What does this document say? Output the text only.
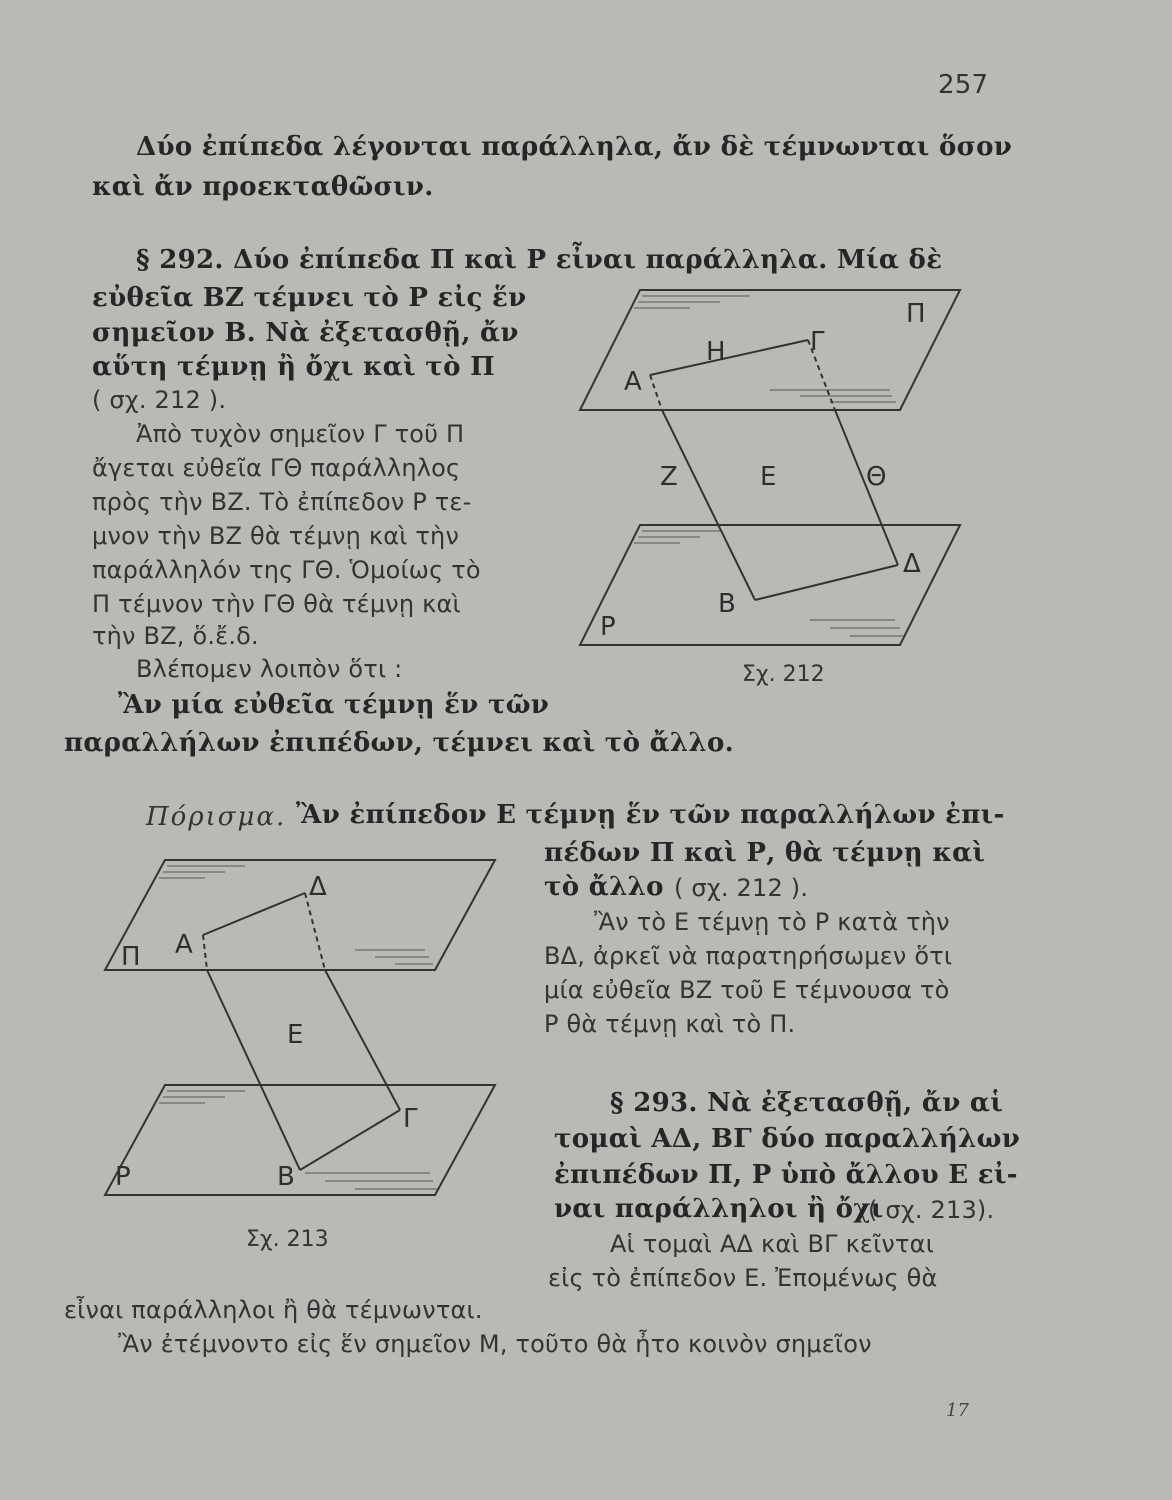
257
Δύο ἐπίπεδα λέγονται παράλληλα, ἄν δὲ τέμνωνται ὅσον
καὶ ἄν προεκταθῶσιν.
§ 292. Δύο ἐπίπεδα Π καὶ Ρ εἶναι παράλληλα. Μία δὲ
εὐθεῖα ΒΖ τέμνει τὸ Ρ εἰς ἕν
σημεῖον Β. Νὰ ἐξετασθῇ, ἄν
αὕτη τέμνῃ ἢ ὄχι καὶ τὸ Π
( σχ. 212 ).
Ἀπὸ τυχὸν σημεῖον Γ τοῦ Π
ἄγεται εὐθεῖα ΓΘ παράλληλος
πρὸς τὴν ΒΖ. Τὸ ἐπίπεδον Ρ τε-
μνον τὴν ΒΖ θὰ τέμνῃ καὶ τὴν
παράλληλόν της ΓΘ. Ὁμοίως τὸ
Π τέμνον τὴν ΓΘ θὰ τέμνῃ καὶ
τὴν ΒΖ, ὅ.ἔ.δ.
Βλέπομεν λοιπὸν ὅτι :
Ἂν μία εὐθεῖα τέμνῃ ἕν τῶν
παραλλήλων ἐπιπέδων, τέμνει καὶ τὸ ἄλλο.
Π
Η	Γ
Α
Ζ	Ε	Θ
Δ
Β
Ρ
Σχ. 212
Πόρισμα. Ἂν ἐπίπεδον Ε τέμνῃ ἕν τῶν παραλλήλων ἐπι-
πέδων Π καὶ Ρ, θὰ τέμνῃ καὶ
τὸ ἄλλο ( σχ. 212 ).
Ἂν τὸ Ε τέμνῃ τὸ Ρ κατὰ τὴν
ΒΔ, ἀρκεῖ νὰ παρατηρήσωμεν ὅτι
μία εὐθεῖα ΒΖ τοῦ Ε τέμνουσα τὸ
Ρ θὰ τέμνῃ καὶ τὸ Π.
Δ
Α
Π
Ε
Γ
Β
Ρ
Σχ. 213
§ 293. Νὰ ἐξετασθῇ, ἄν αἱ
τομαὶ ΑΔ, ΒΓ δύο παραλλήλων
ἐπιπέδων Π, Ρ ὑπὸ ἄλλου Ε εἰ-
ναι παράλληλοι ἢ ὄχι
( σχ. 213).
Αἱ τομαὶ ΑΔ καὶ ΒΓ κεῖνται
εἰς τὸ ἐπίπεδον Ε. Ἐπομένως θὰ
εἶναι παράλληλοι ἢ θὰ τέμνωνται.
Ἂν ἐτέμνοντο εἰς ἕν σημεῖον Μ, τοῦτο θὰ ἦτο κοινὸν σημεῖον
17
